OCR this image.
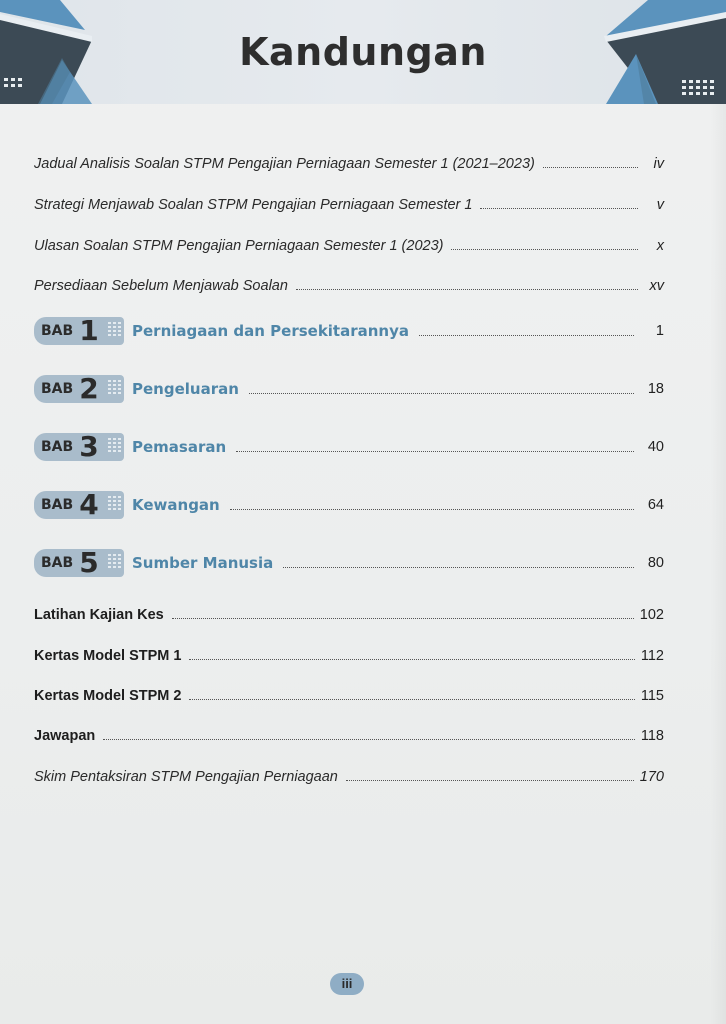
Kandungan
Jadual Analisis Soalan STPM Pengajian Perniagaan Semester 1 (2021–2023)	iv
Strategi Menjawab Soalan STPM Pengajian Perniagaan Semester 1	v
Ulasan Soalan STPM Pengajian Perniagaan Semester 1 (2023)	x
Persediaan Sebelum Menjawab Soalan	xv
BAB 1 Perniagaan dan Persekitarannya	1
BAB 2 Pengeluaran	18
BAB 3 Pemasaran	40
BAB 4 Kewangan	64
BAB 5 Sumber Manusia	80
Latihan Kajian Kes	102
Kertas Model STPM 1	112
Kertas Model STPM 2	115
Jawapan	118
Skim Pentaksiran STPM Pengajian Perniagaan	170
iii
